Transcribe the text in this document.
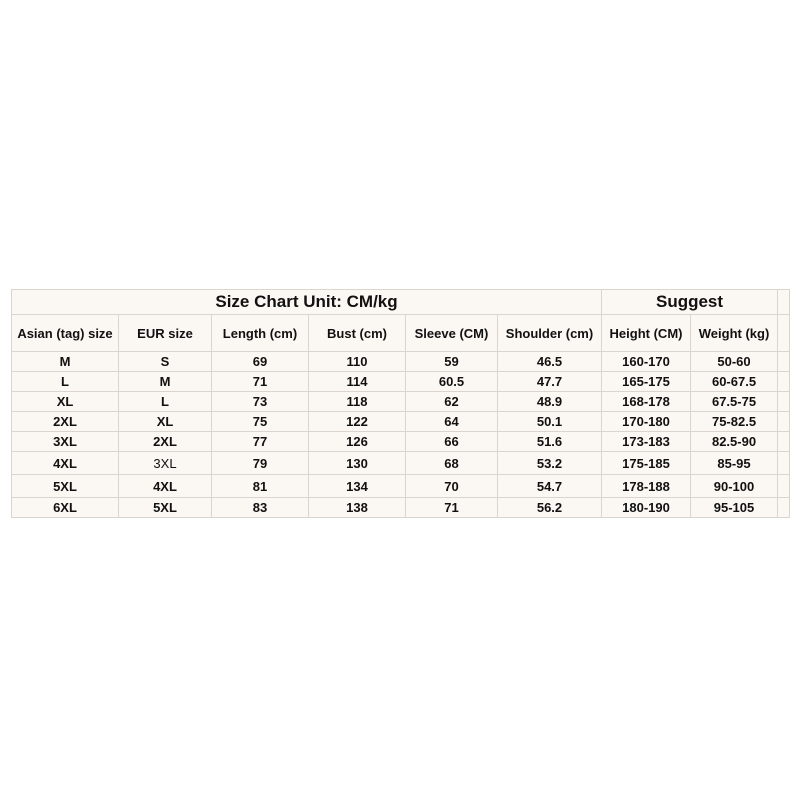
Size Chart Unit: CM/kg						Suggest		
Asian (tag) size	EUR size	Length (cm)	Bust (cm)	Sleeve (CM)	Shoulder (cm)	Height (CM)	Weight (kg)	
M	S	69	110	59	46.5	160-170	50-60	
L	M	71	114	60.5	47.7	165-175	60-67.5	
XL	L	73	118	62	48.9	168-178	67.5-75	
2XL	XL	75	122	64	50.1	170-180	75-82.5	
3XL	2XL	77	126	66	51.6	173-183	82.5-90	
4XL	3XL	79	130	68	53.2	175-185	85-95	
5XL	4XL	81	134	70	54.7	178-188	90-100	
6XL	5XL	83	138	71	56.2	180-190	95-105	
